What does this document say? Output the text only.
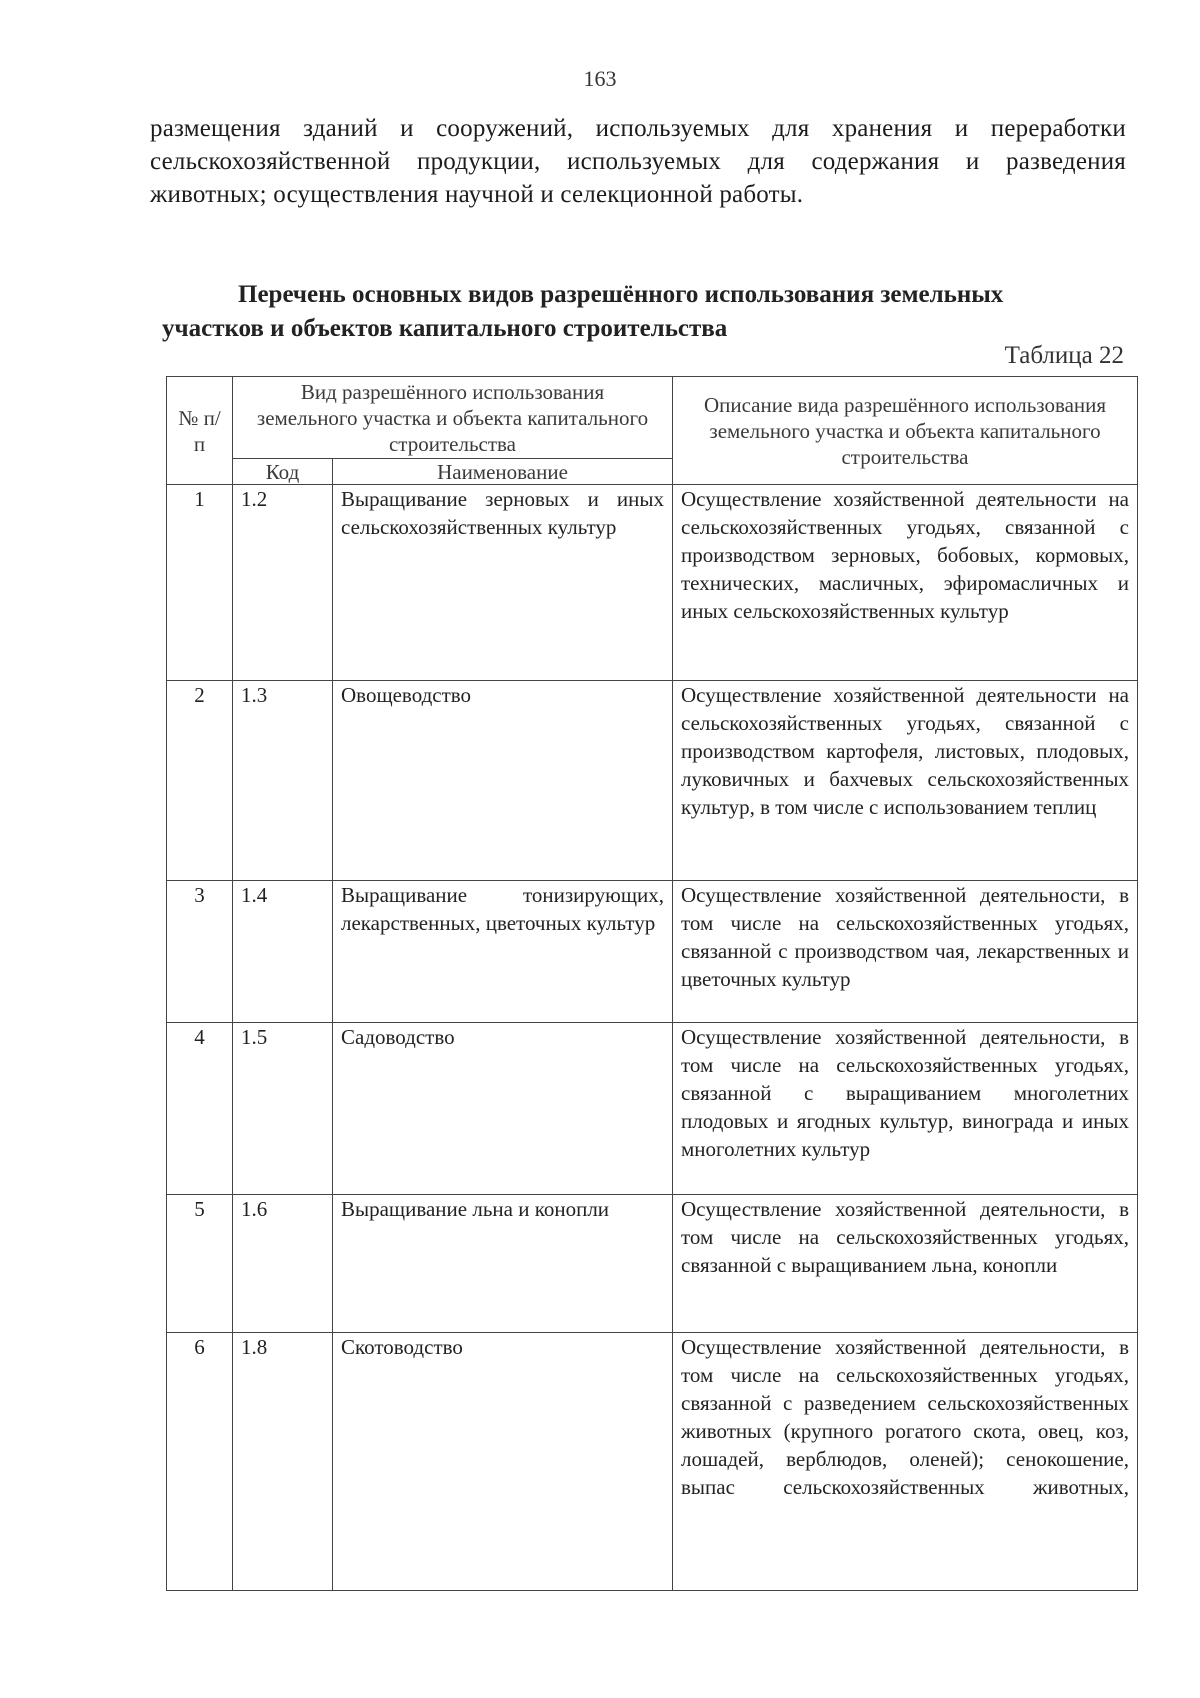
163
размещения зданий и сооружений, используемых для хранения и переработки сельскохозяйственной продукции, используемых для содержания и разведения животных; осуществления научной и селекционной работы.
Перечень основных видов разрешённого использования земельных
участков и объектов капитального строительства
Таблица 22
№ п/п	Вид разрешённого использования земельного участка и объекта капитального строительства		Описание вида разрешённого использования земельного участка и объекта капитального строительства
	Код	Наименование	
1	1.2	Выращивание зерновых и иных сельскохозяйственных культур	Осуществление хозяйственной деятельности на сельскохозяйственных угодьях, связанной с производством зерновых, бобовых, кормовых, технических, масличных, эфиромасличных и иных сельскохозяйственных культур
2	1.3	Овощеводство	Осуществление хозяйственной деятельности на сельскохозяйственных угодьях, связанной с производством картофеля, листовых, плодовых, луковичных и бахчевых сельскохозяйственных культур, в том числе с использованием теплиц
3	1.4	Выращивание тонизирующих, лекарственных, цветочных культур	Осуществление хозяйственной деятельности, в том числе на сельскохозяйственных угодьях, связанной с производством чая, лекарственных и цветочных культур
4	1.5	Садоводство	Осуществление хозяйственной деятельности, в том числе на сельскохозяйственных угодьях, связанной с выращиванием многолетних плодовых и ягодных культур, винограда и иных многолетних культур
5	1.6	Выращивание льна и конопли	Осуществление хозяйственной деятельности, в том числе на сельскохозяйственных угодьях, связанной с выращиванием льна, конопли
6	1.8	Скотоводство	Осуществление хозяйственной деятельности, в том числе на сельскохозяйственных угодьях, связанной с разведением сельскохозяйственных животных (крупного рогатого скота, овец, коз, лошадей, верблюдов, оленей); сенокошение, выпас сельскохозяйственных животных,
